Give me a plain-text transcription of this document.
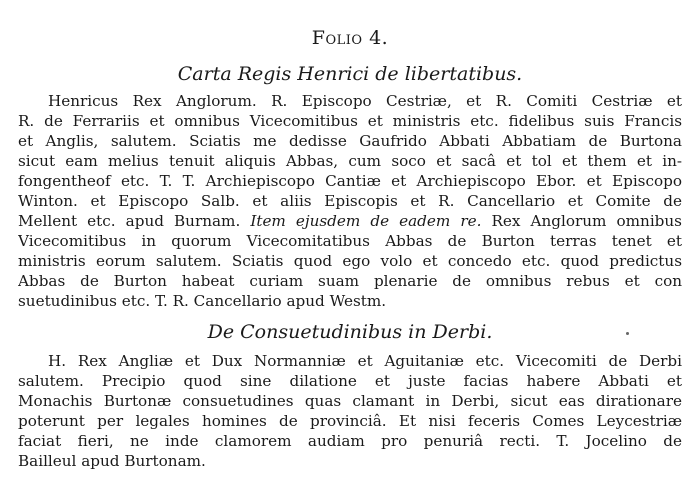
Folio 4.
Carta Regis Henrici de libertatibus.
Henricus Rex Anglorum. R. Episcopo Cestriæ, et R. Comiti Cestriæ et
R. de Ferrariis et omnibus Vicecomitibus et ministris etc. fidelibus suis Francis
et Anglis, salutem. Sciatis me dedisse Gaufrido Abbati Abbatiam de Burtona
sicut eam melius tenuit aliquis Abbas, cum soco et sacâ et tol et them et in-
fongentheof etc. T. T. Archiepiscopo Cantiæ et Archiepiscopo Ebor. et Episcopo
Winton. et Episcopo Salb. et aliis Episcopis et R. Cancellario et Comite de
Mellent etc. apud Burnam. Item ejusdem de eadem re. Rex Anglorum omnibus
Vicecomitibus in quorum Vicecomitatibus Abbas de Burton terras tenet et
ministris eorum salutem. Sciatis quod ego volo et concedo etc. quod predictus
Abbas de Burton habeat curiam suam plenarie de omnibus rebus et con
suetudinibus etc. T. R. Cancellario apud Westm.
De Consuetudinibus in Derbi.
H. Rex Angliæ et Dux Normanniæ et Aguitaniæ etc. Vicecomiti de Derbi
salutem. Precipio quod sine dilatione et juste facias habere Abbati et
Monachis Burtonæ consuetudines quas clamant in Derbi, sicut eas dirationare
poterunt per legales homines de provinciâ. Et nisi feceris Comes Leycestriæ
faciat fieri, ne inde clamorem audiam pro penuriâ recti. T. Jocelino de
Bailleul apud Burtonam.
